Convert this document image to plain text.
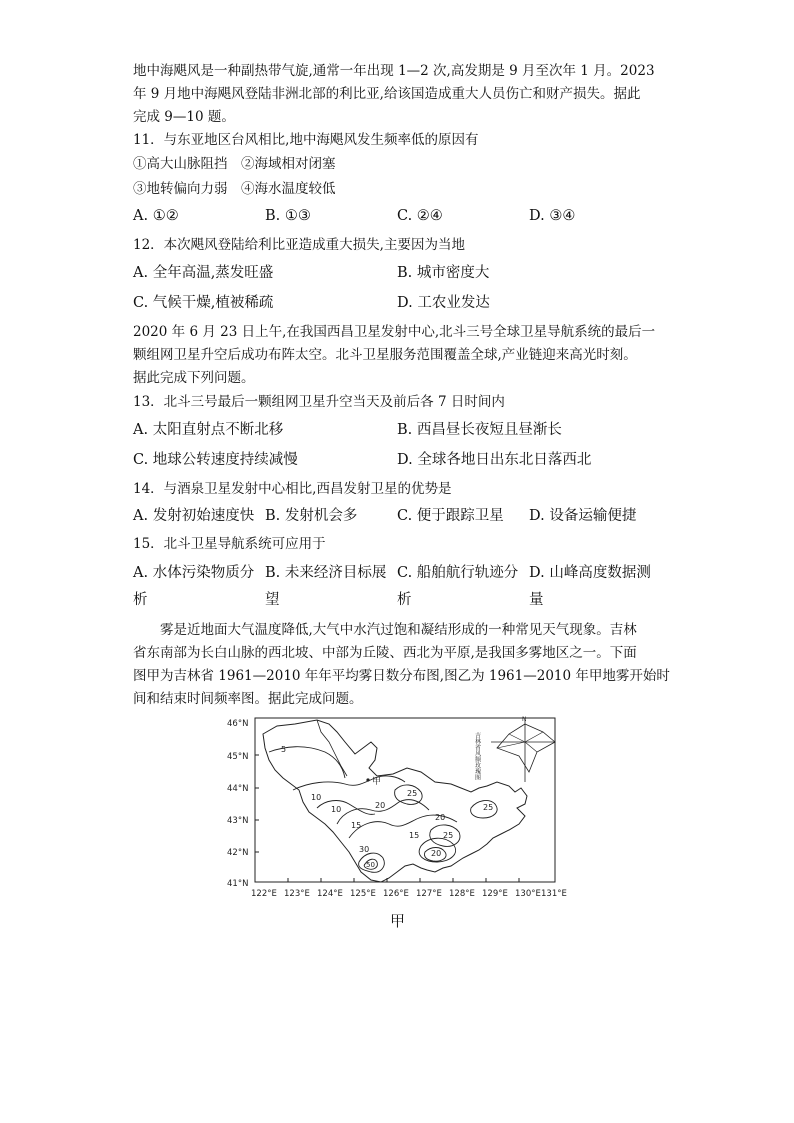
地中海飓风是一种副热带气旋,通常一年出现 1—2 次,高发期是 9 月至次年 1 月。2023
年 9 月地中海飓风登陆非洲北部的利比亚,给该国造成重大人员伤亡和财产损失。据此
完成 9—10 题。
11．与东亚地区台风相比,地中海飓风发生频率低的原因有
①高大山脉阻挡　②海域相对闭塞
③地转偏向力弱　④海水温度较低
A. ①②	B. ①③	C. ②④	D. ③④
12．本次飓风登陆给利比亚造成重大损失,主要因为当地
A. 全年高温,蒸发旺盛	B. 城市密度大
C. 气候干燥,植被稀疏	D. 工农业发达
2020 年 6 月 23 日上午,在我国西昌卫星发射中心,北斗三号全球卫星导航系统的最后一
颗组网卫星升空后成功布阵太空。北斗卫星服务范围覆盖全球,产业链迎来高光时刻。
据此完成下列问题。
13．北斗三号最后一颗组网卫星升空当天及前后各 7 日时间内
A. 太阳直射点不断北移	B. 西昌昼长夜短且昼渐长
C. 地球公转速度持续减慢	D. 全球各地日出东北日落西北
14．与酒泉卫星发射中心相比,西昌发射卫星的优势是
A. 发射初始速度快 B. 发射机会多	C. 便于跟踪卫星 D. 设备运输便捷
15．北斗卫星导航系统可应用于
A. 水体污染物质分 B. 未来经济目标展 C. 船舶航行轨迹分 D. 山峰高度数据测
析	望	析	量
雾是近地面大气温度降低,大气中水汽过饱和凝结形成的一种常见天气现象。吉林
省东南部为长白山脉的西北坡、中部为丘陵、西北为平原,是我国多雾地区之一。下面
图甲为吉林省 1961—2010 年年平均雾日数分布图,图乙为 1961—2010 年甲地雾开始时
间和结束时间频率图。据此完成问题。
46°N
45°N
44°N
43°N
42°N
41°N
122°E 123°E 124°E 125°E 126°E 127°E 128°E 129°E 130°E 131°E
5
10
10
15
20
25
20
25
25
15
20
30
50
甲
吉林省风频玫瑰图
N
甲
